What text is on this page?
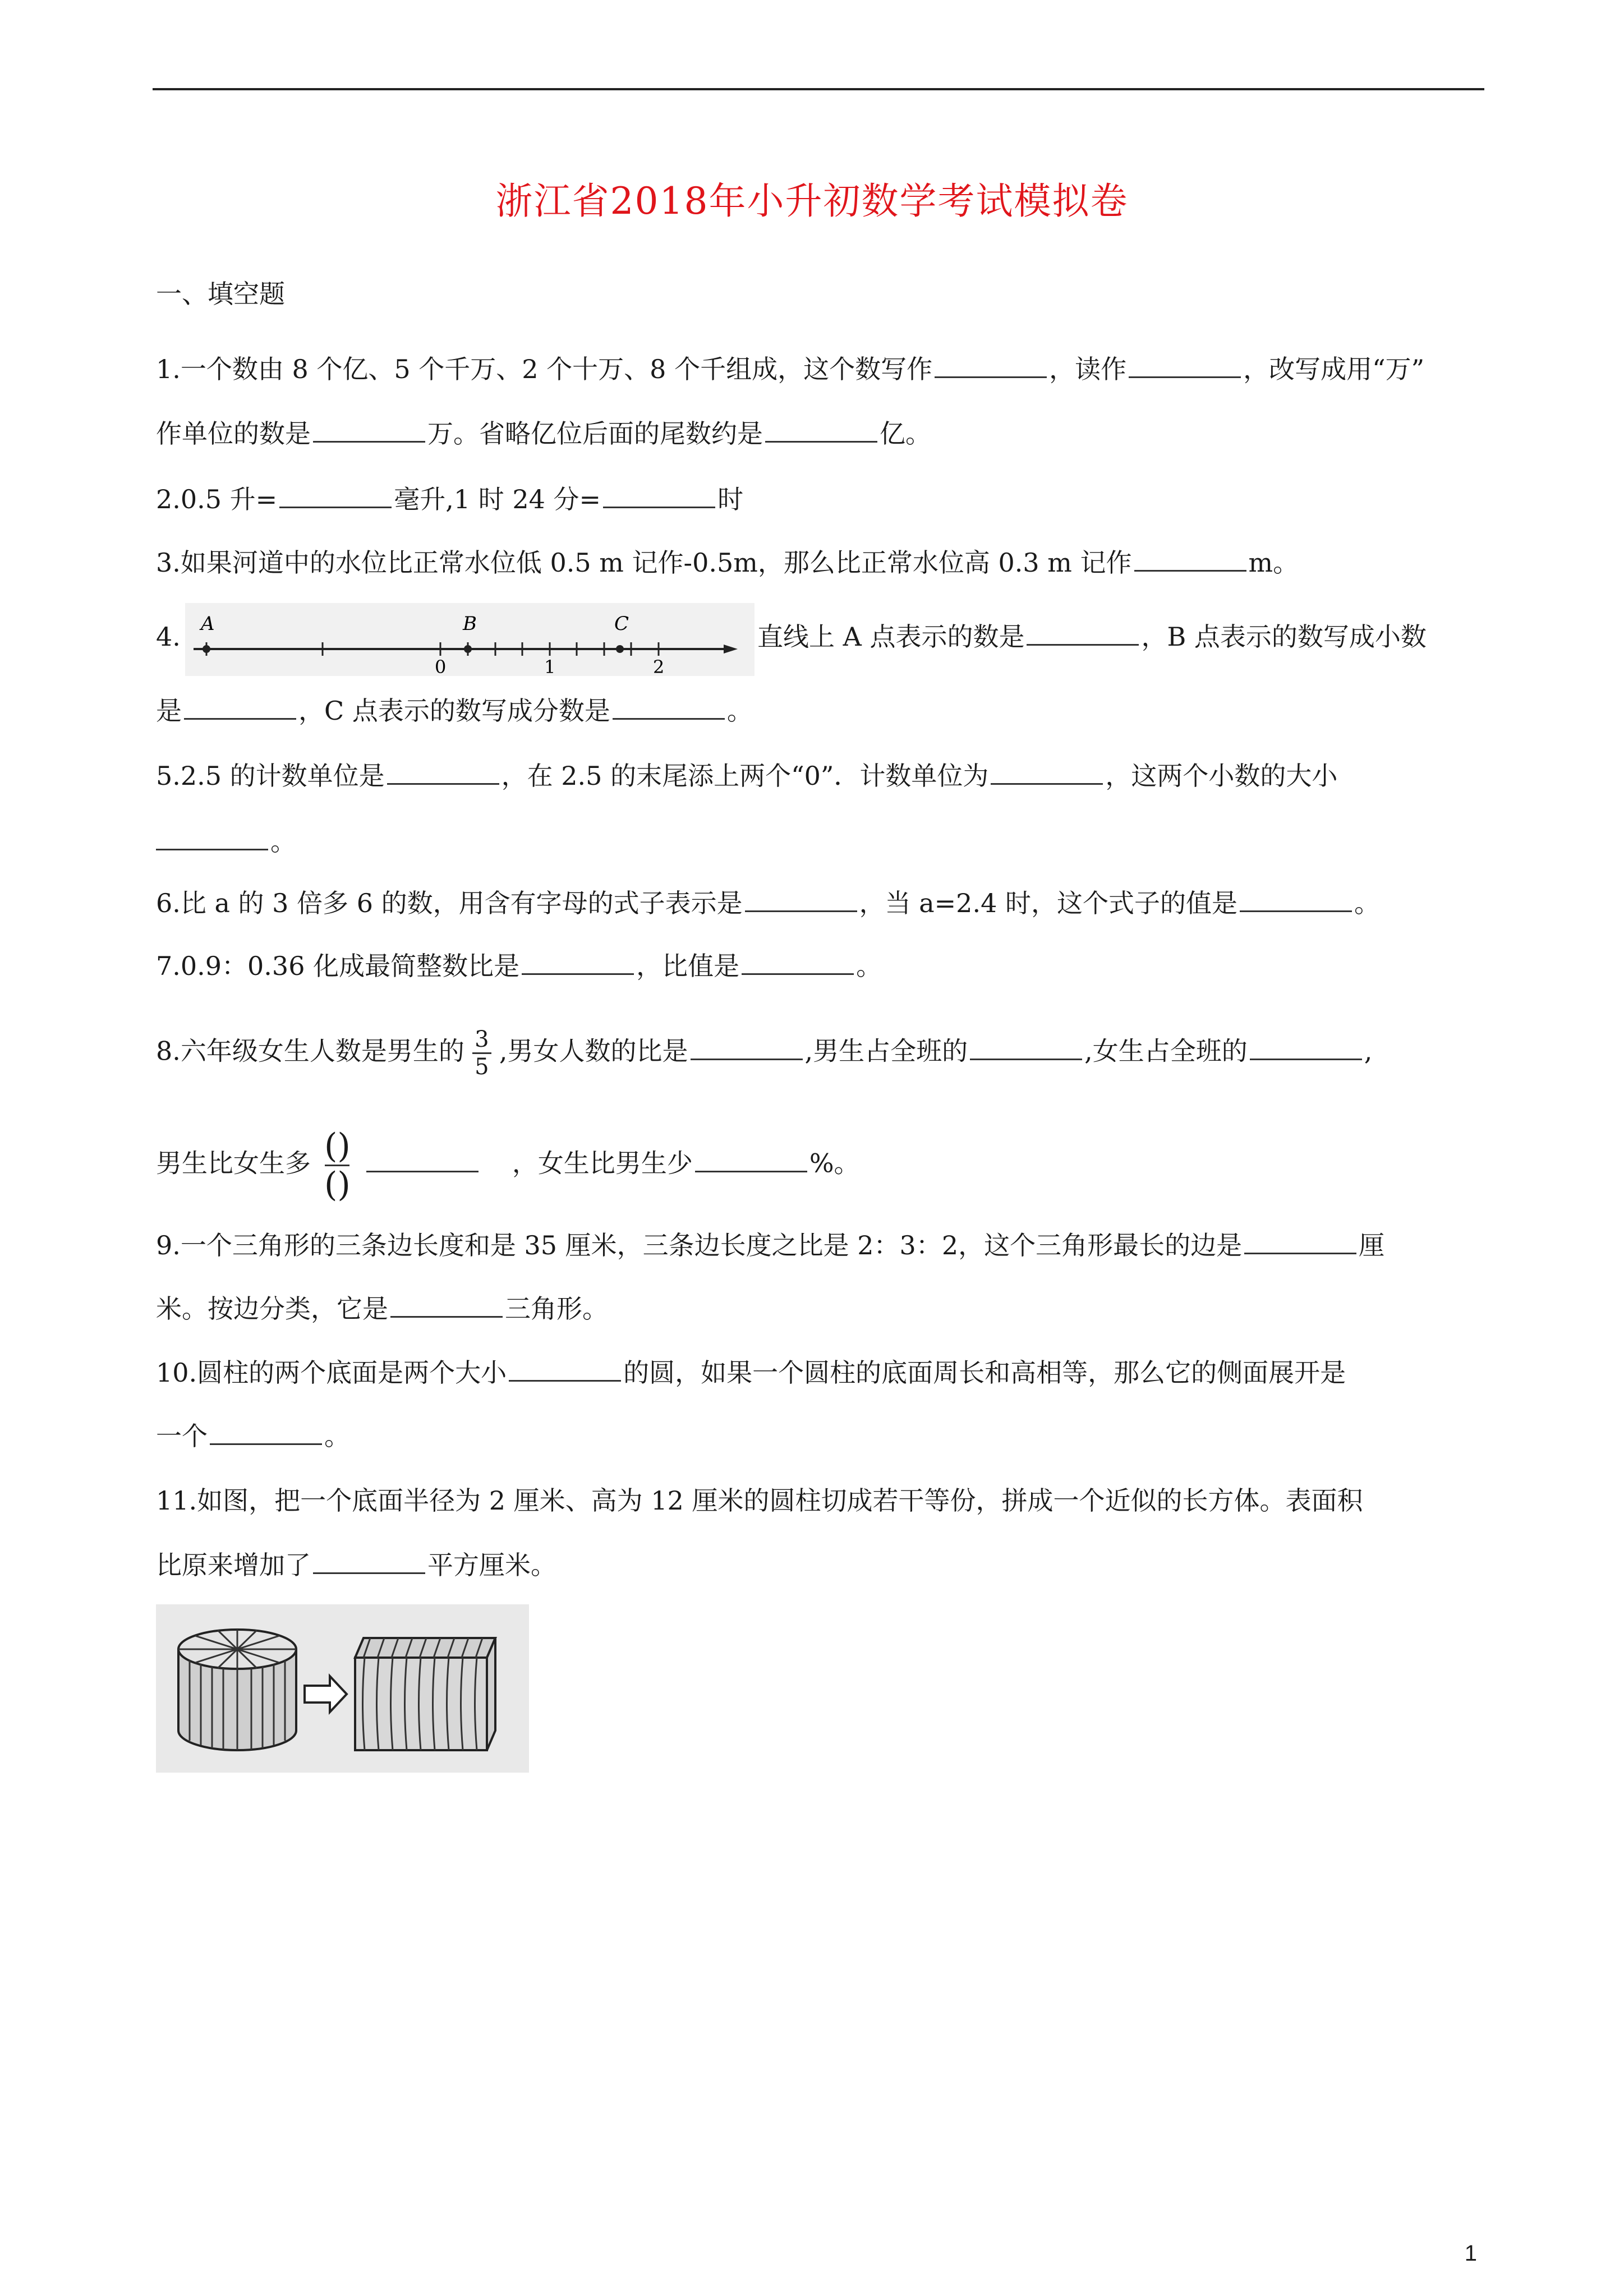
浙江省2018年小升初数学考试模拟卷
一、填空题
1.一个数由 8 个亿、5 个千万、2 个十万、8 个千组成，这个数写作	，读作	，改写成用“万”
作单位的数是	万。省略亿位后面的尾数约是	亿。
2.0.5 升=	毫升,1 时 24 分=	时
3.如果河道中的水位比正常水位低 0.5 m 记作-0.5m，那么比正常水位高 0.3 m 记作	m。
4. A	B	C
0	1	2
直线上 A 点表示的数是	，B 点表示的数写成小数
是	，C 点表示的数写成分数是	。
5.2.5 的计数单位是	，在 2.5 的末尾添上两个“0”．计数单位为	，这两个小数的大小
。
6.比 a 的 3 倍多 6 的数，用含有字母的式子表示是	，当 a=2.4 时，这个式子的值是	。
7.0.9：0.36 化成最简整数比是	，比值是	。
8.六年级女生人数是男生的 $\frac{3}{5}$ ,男女人数的比是	,男生占全班的	,女生占全班的	,
男生比女生多 ()
()，女生比男生少	%。
9.一个三角形的三条边长度和是 35 厘米，三条边长度之比是 2：3：2，这个三角形最长的边是	厘
米。按边分类，它是	三角形。
10.圆柱的两个底面是两个大小	的圆，如果一个圆柱的底面周长和高相等，那么它的侧面展开是
一个	。
11.如图，把一个底面半径为 2 厘米、高为 12 厘米的圆柱切成若干等份，拼成一个近似的长方体。表面积
比原来增加了	平方厘米。
1
